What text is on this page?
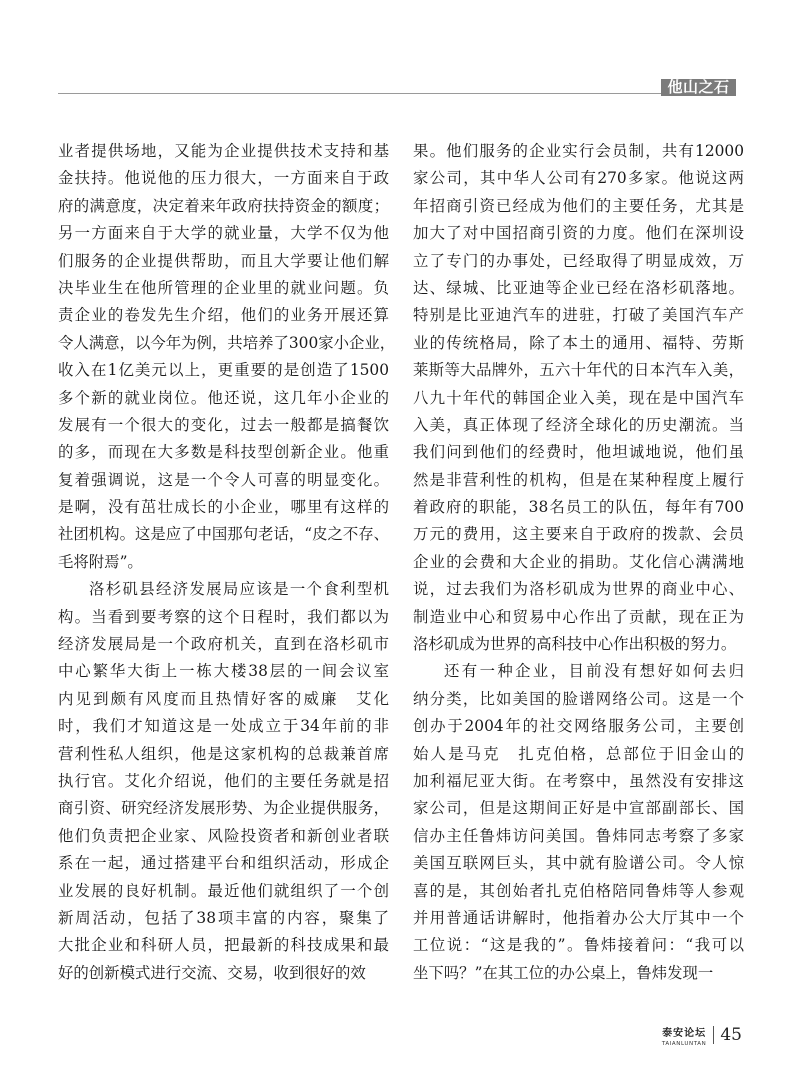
他山之石
业者提供场地，又能为企业提供技术支持和基
金扶持。他说他的压力很大，一方面来自于政
府的满意度，决定着来年政府扶持资金的额度；
另一方面来自于大学的就业量，大学不仅为他
们服务的企业提供帮助，而且大学要让他们解
决毕业生在他所管理的企业里的就业问题。负
责企业的卷发先生介绍，他们的业务开展还算
令人满意，以今年为例，共培养了300家小企业，
收入在1亿美元以上，更重要的是创造了1500
多个新的就业岗位。他还说，这几年小企业的
发展有一个很大的变化，过去一般都是搞餐饮
的多，而现在大多数是科技型创新企业。他重
复着强调说，这是一个令人可喜的明显变化。
是啊，没有茁壮成长的小企业，哪里有这样的
社团机构。这是应了中国那句老话，“皮之不存、
毛将附焉”。
洛杉矶县经济发展局应该是一个食利型机
构。当看到要考察的这个日程时，我们都以为
经济发展局是一个政府机关，直到在洛杉矶市
中心繁华大街上一栋大楼38层的一间会议室
内见到颇有风度而且热情好客的威廉　艾化
时，我们才知道这是一处成立于34年前的非
营利性私人组织，他是这家机构的总裁兼首席
执行官。艾化介绍说，他们的主要任务就是招
商引资、研究经济发展形势、为企业提供服务，
他们负责把企业家、风险投资者和新创业者联
系在一起，通过搭建平台和组织活动，形成企
业发展的良好机制。最近他们就组织了一个创
新周活动，包括了38项丰富的内容，聚集了
大批企业和科研人员，把最新的科技成果和最
好的创新模式进行交流、交易，收到很好的效
果。他们服务的企业实行会员制，共有12000
家公司，其中华人公司有270多家。他说这两
年招商引资已经成为他们的主要任务，尤其是
加大了对中国招商引资的力度。他们在深圳设
立了专门的办事处，已经取得了明显成效，万
达、绿城、比亚迪等企业已经在洛杉矶落地。
特别是比亚迪汽车的进驻，打破了美国汽车产
业的传统格局，除了本土的通用、福特、劳斯
莱斯等大品牌外，五六十年代的日本汽车入美，
八九十年代的韩国企业入美，现在是中国汽车
入美，真正体现了经济全球化的历史潮流。当
我们问到他们的经费时，他坦诚地说，他们虽
然是非营利性的机构，但是在某种程度上履行
着政府的职能，38名员工的队伍，每年有700
万元的费用，这主要来自于政府的拨款、会员
企业的会费和大企业的捐助。艾化信心满满地
说，过去我们为洛杉矶成为世界的商业中心、
制造业中心和贸易中心作出了贡献，现在正为
洛杉矶成为世界的高科技中心作出积极的努力。
还有一种企业，目前没有想好如何去归
纳分类，比如美国的脸谱网络公司。这是一个
创办于2004年的社交网络服务公司，主要创
始人是马克　扎克伯格，总部位于旧金山的
加利福尼亚大街。在考察中，虽然没有安排这
家公司，但是这期间正好是中宣部副部长、国
信办主任鲁炜访问美国。鲁炜同志考察了多家
美国互联网巨头，其中就有脸谱公司。令人惊
喜的是，其创始者扎克伯格陪同鲁炜等人参观
并用普通话讲解时，他指着办公大厅其中一个
工位说：“这是我的”。鲁炜接着问：“我可以
坐下吗？”在其工位的办公桌上，鲁炜发现一
泰安论坛
TAIANLUNTAN 45
